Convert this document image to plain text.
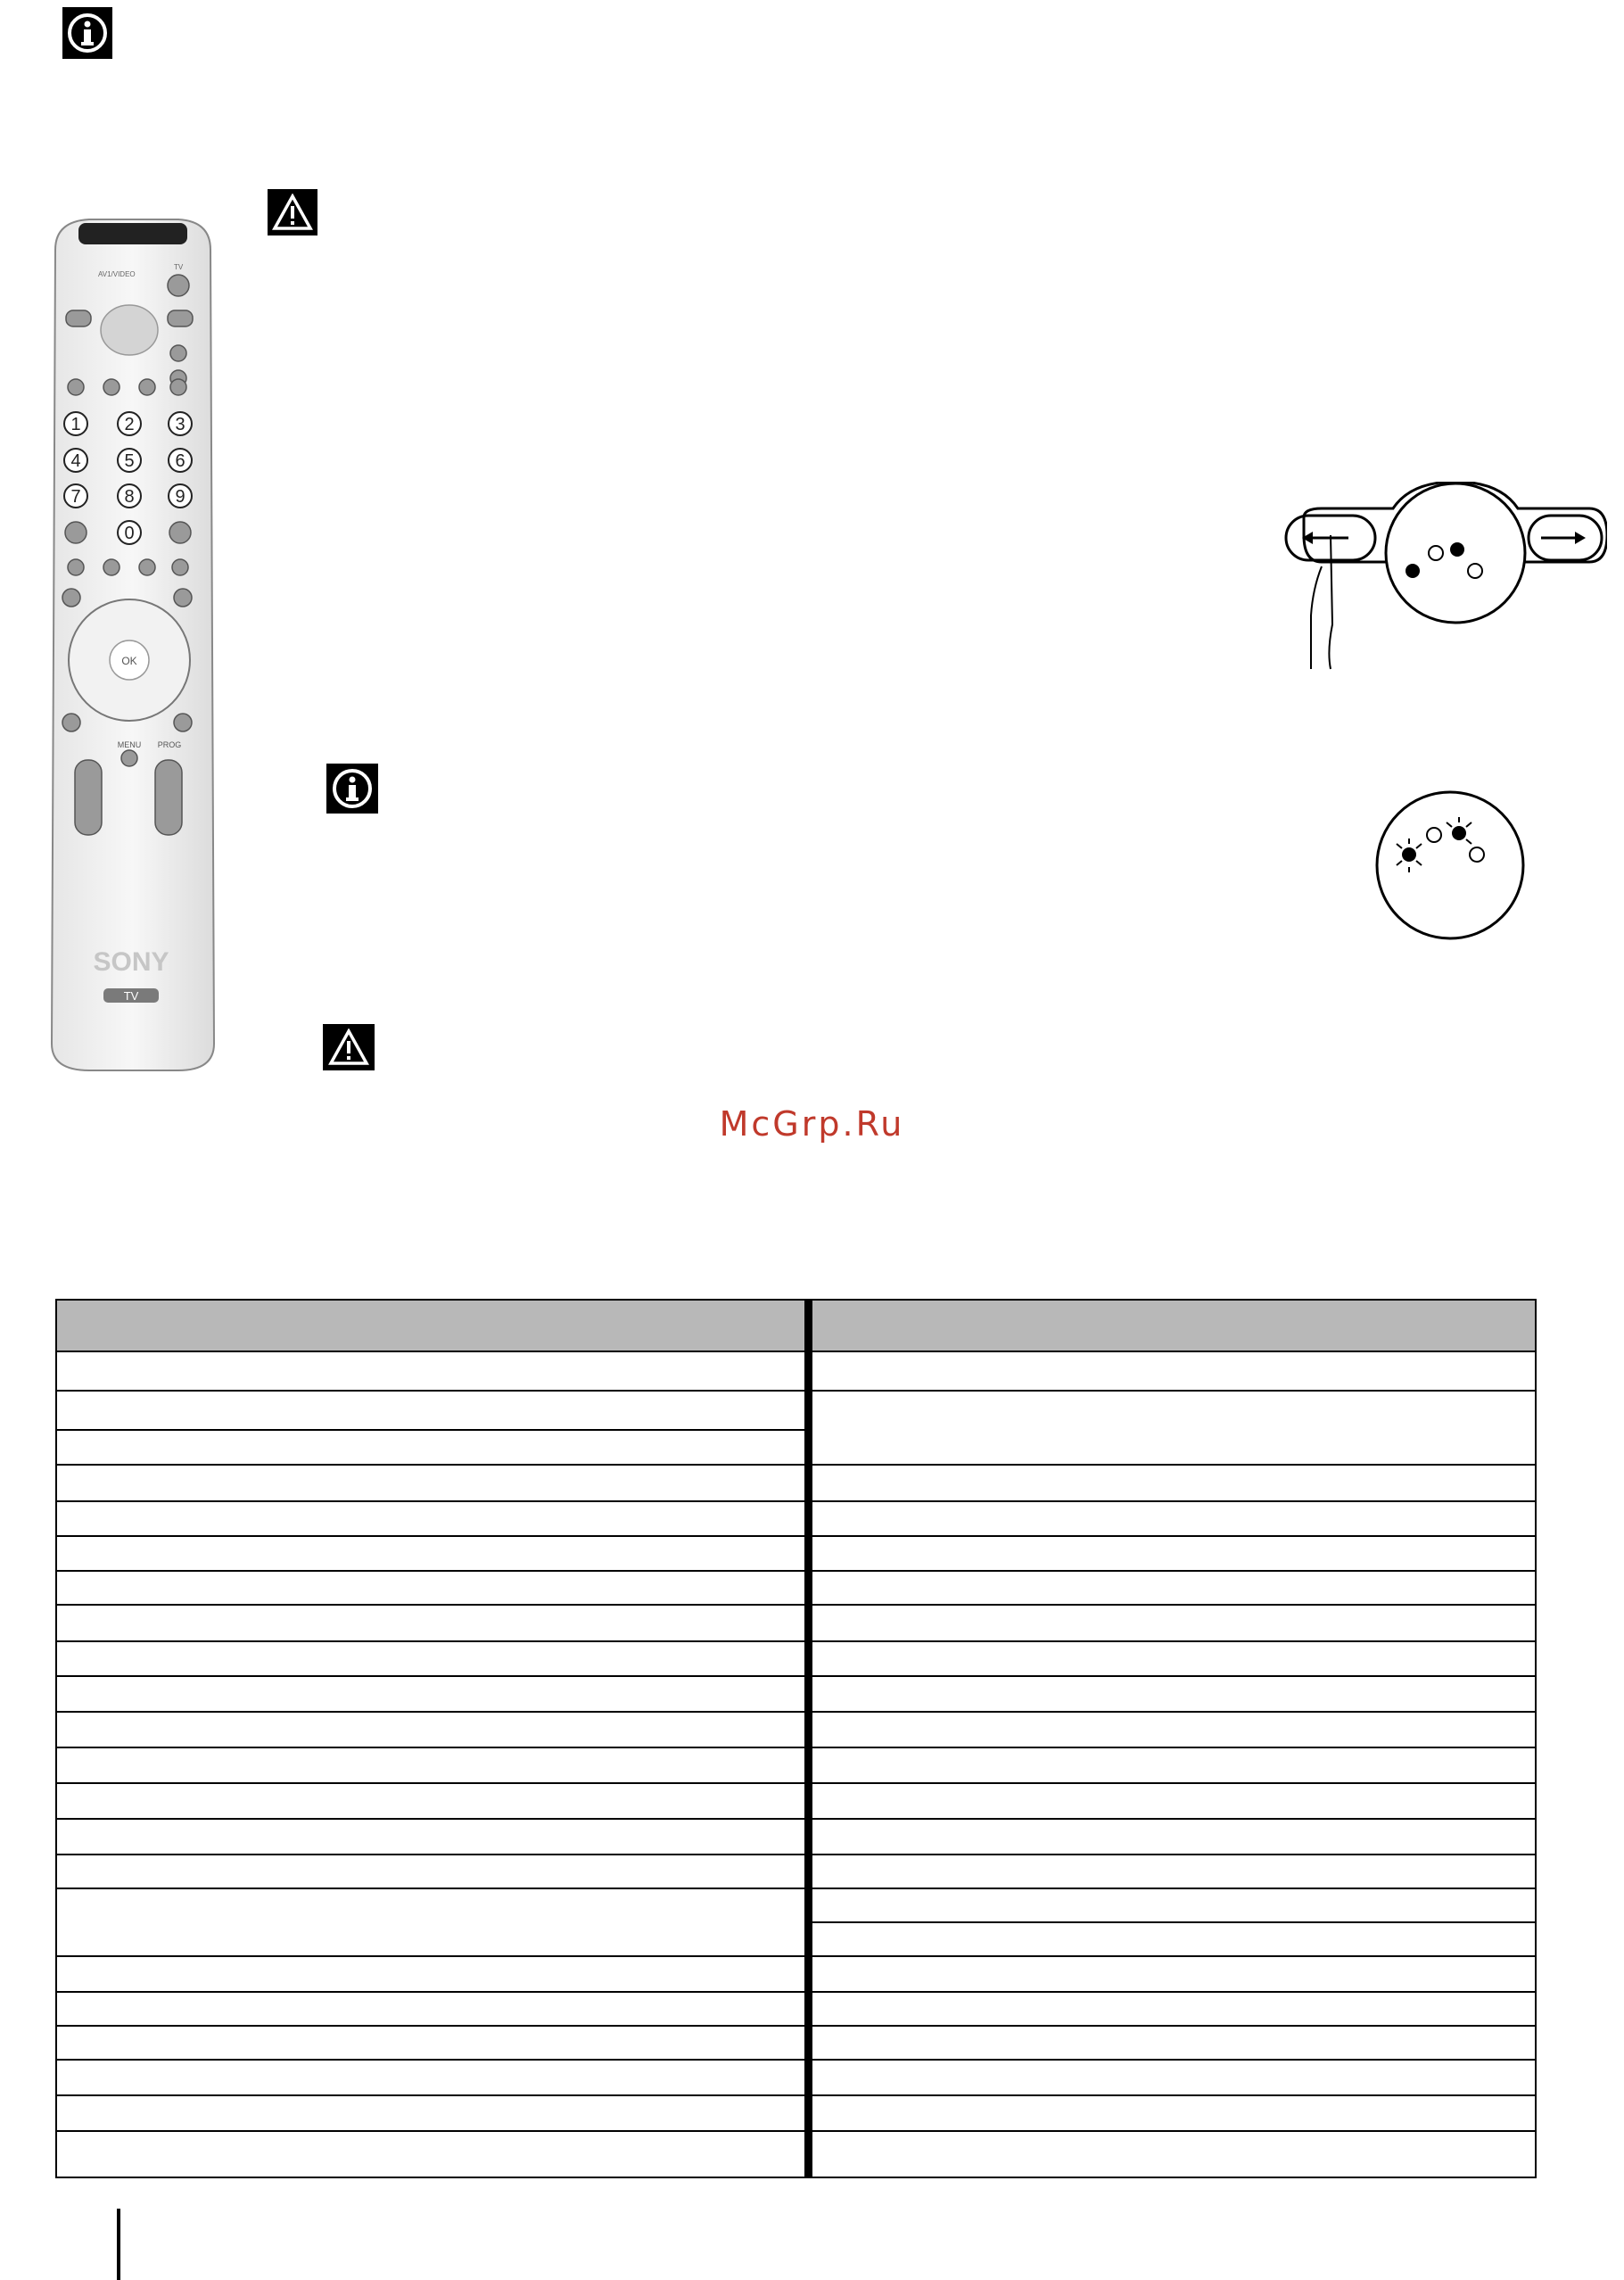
AV1/VIDEO
TV
1 2 3
4 5 6
7 8 9
0
OK
MENU PROG
SONY
TV
McGrp.Ru
